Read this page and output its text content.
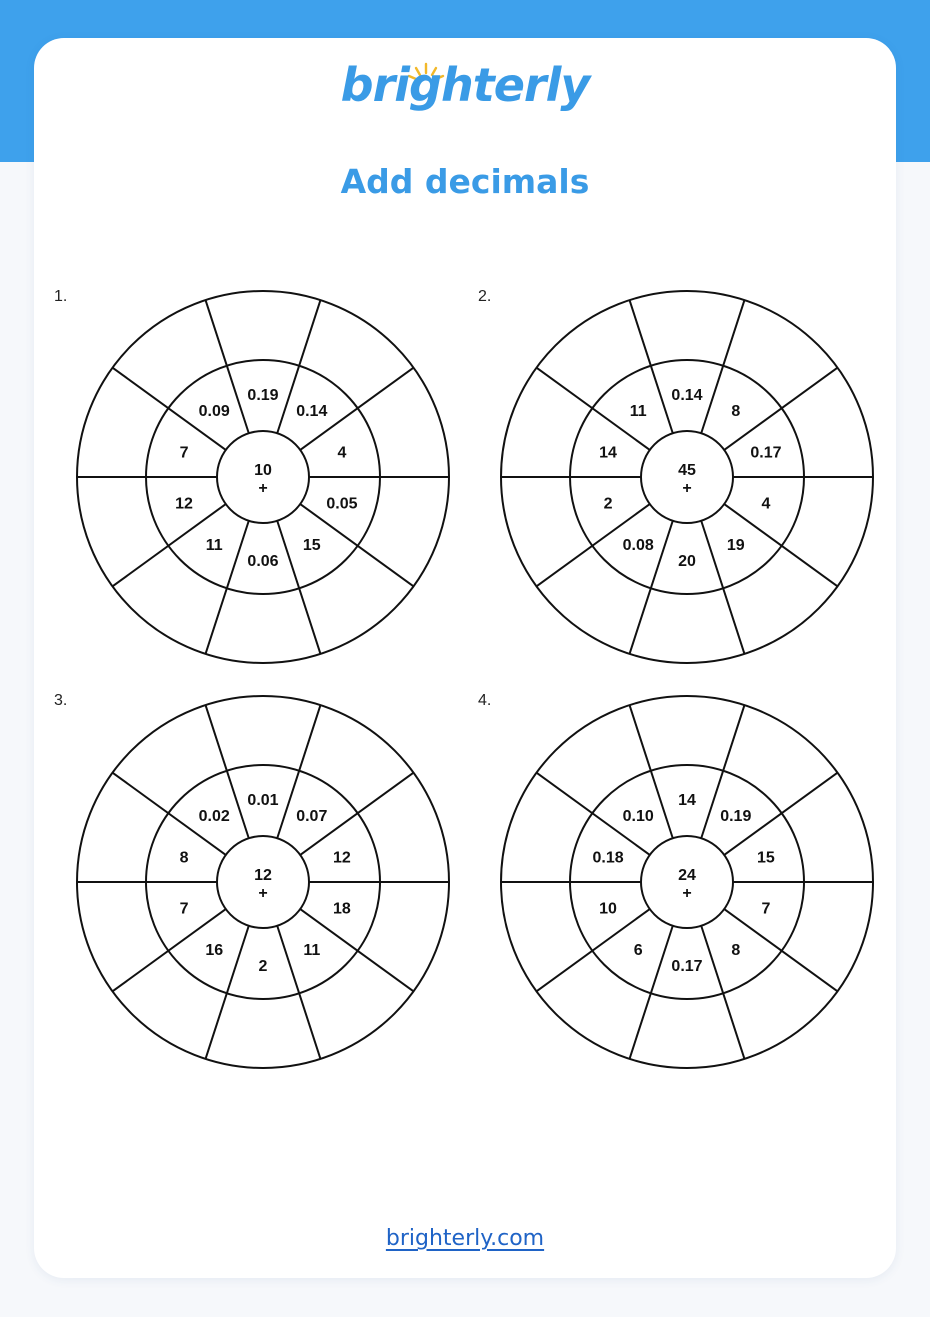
brighterly
Add decimals
1.	2.
3.	4.
0.19
0.14
4
0.05
15
0.06
11
12
7
0.09
10
+
0.14
8
0.17
4
19
20
0.08
2
14
11
45
+
0.01
0.07
12
18
11
2
16
7
8
0.02
12
+
14
0.19
15
7
8
0.17
6
10
0.18
0.10
24
+
brighterly.com
